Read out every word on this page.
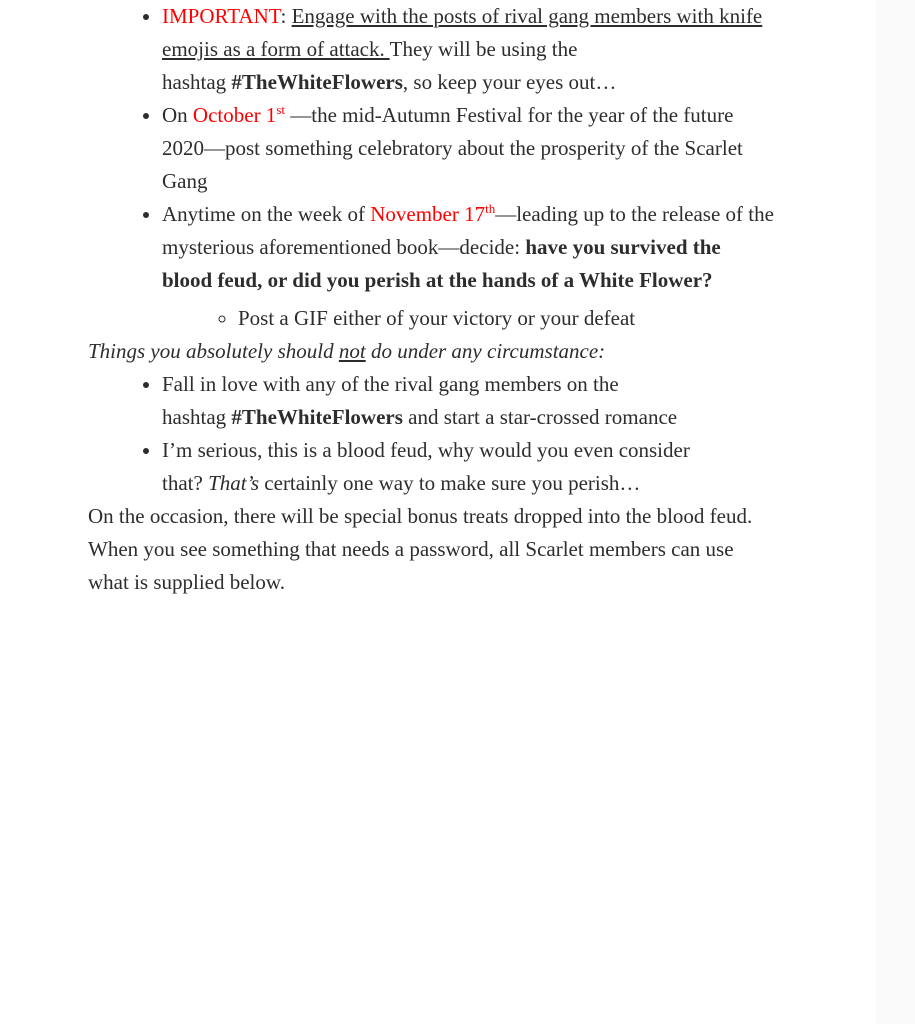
• IMPORTANT: Engage with the posts of rival gang members with knife
emojis as a form of attack. They will be using the
hashtag #TheWhiteFlowers, so keep your eyes out…
• On October 1st —the mid-Autumn Festival for the year of the future
2020—post something celebratory about the prosperity of the Scarlet
Gang
• Anytime on the week of November 17th—leading up to the release of the
mysterious aforementioned book—decide: have you survived the
blood feud, or did you perish at the hands of a White Flower?
◦ Post a GIF either of your victory or your defeat

Things you absolutely should not do under any circumstance:

• Fall in love with any of the rival gang members on the
hashtag #TheWhiteFlowers and start a star-crossed romance
• I’m serious, this is a blood feud, why would you even consider
that? That’s certainly one way to make sure you perish…

On the occasion, there will be special bonus treats dropped into the blood feud.
When you see something that needs a password, all Scarlet members can use
what is supplied below.
